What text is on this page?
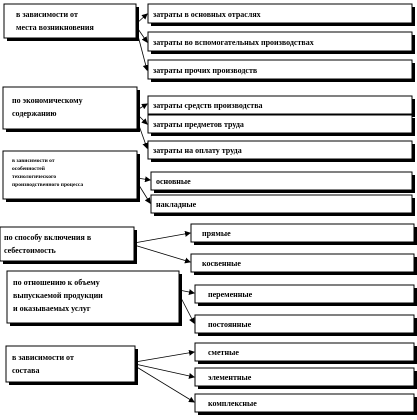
в зависимости от
места возникновения
затраты в основных отраслях
затраты во вспомогательных производствах
затраты прочих производств
по экономическому
содержанию
затраты средств производства
затраты предметов труда
затраты на оплату труда
в зависимости от
особенностей
технологического
производственного процесса	основные
накладные
по способу включения в
себестоимость
прямые
косвенные
по отношению к объему
выпускаемой продукции
и оказываемых услуг
переменные
постоянные
в зависимости от
состава
сметные
элементные
комплексные
